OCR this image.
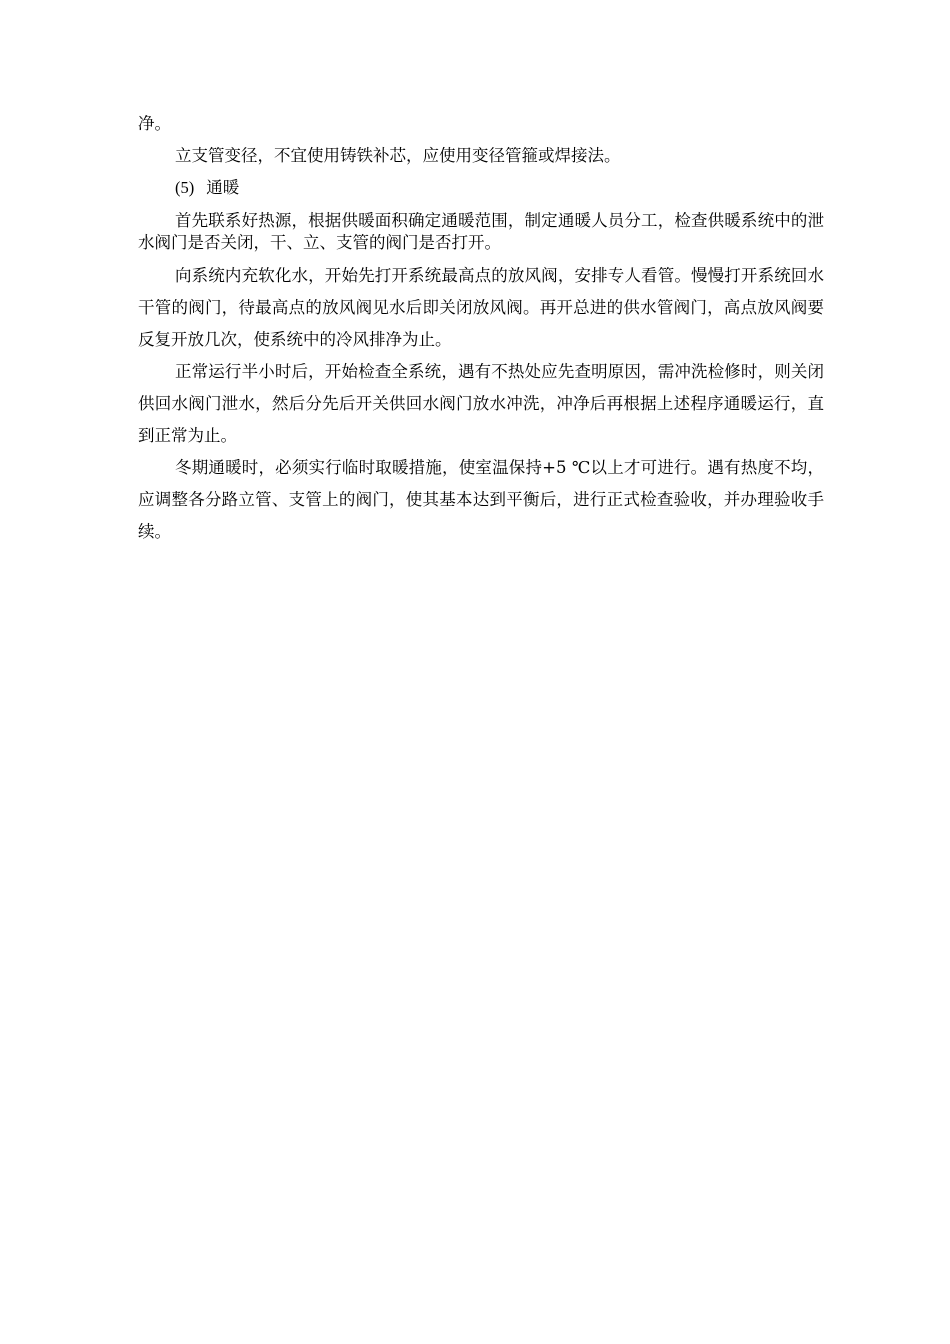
净。

立支管变径，不宜使用铸铁补芯，应使用变径管箍或焊接法。

(5) 通暖

首先联系好热源，根据供暖面积确定通暖范围，制定通暖人员分工，检查供暖系统中的泄水阀门是否关闭，干、立、支管的阀门是否打开。

向系统内充软化水，开始先打开系统最高点的放风阀，安排专人看管。慢慢打开系统回水干管的阀门，待最高点的放风阀见水后即关闭放风阀。再开总进的供水管阀门，高点放风阀要反复开放几次，使系统中的冷风排净为止。

正常运行半小时后，开始检查全系统，遇有不热处应先查明原因，需冲洗检修时，则关闭供回水阀门泄水，然后分先后开关供回水阀门放水冲洗，冲净后再根据上述程序通暖运行，直到正常为止。

冬期通暖时，必须实行临时取暖措施，使室温保持+5 ℃以上才可进行。遇有热度不均，应调整各分路立管、支管上的阀门，使其基本达到平衡后，进行正式检查验收，并办理验收手续。
